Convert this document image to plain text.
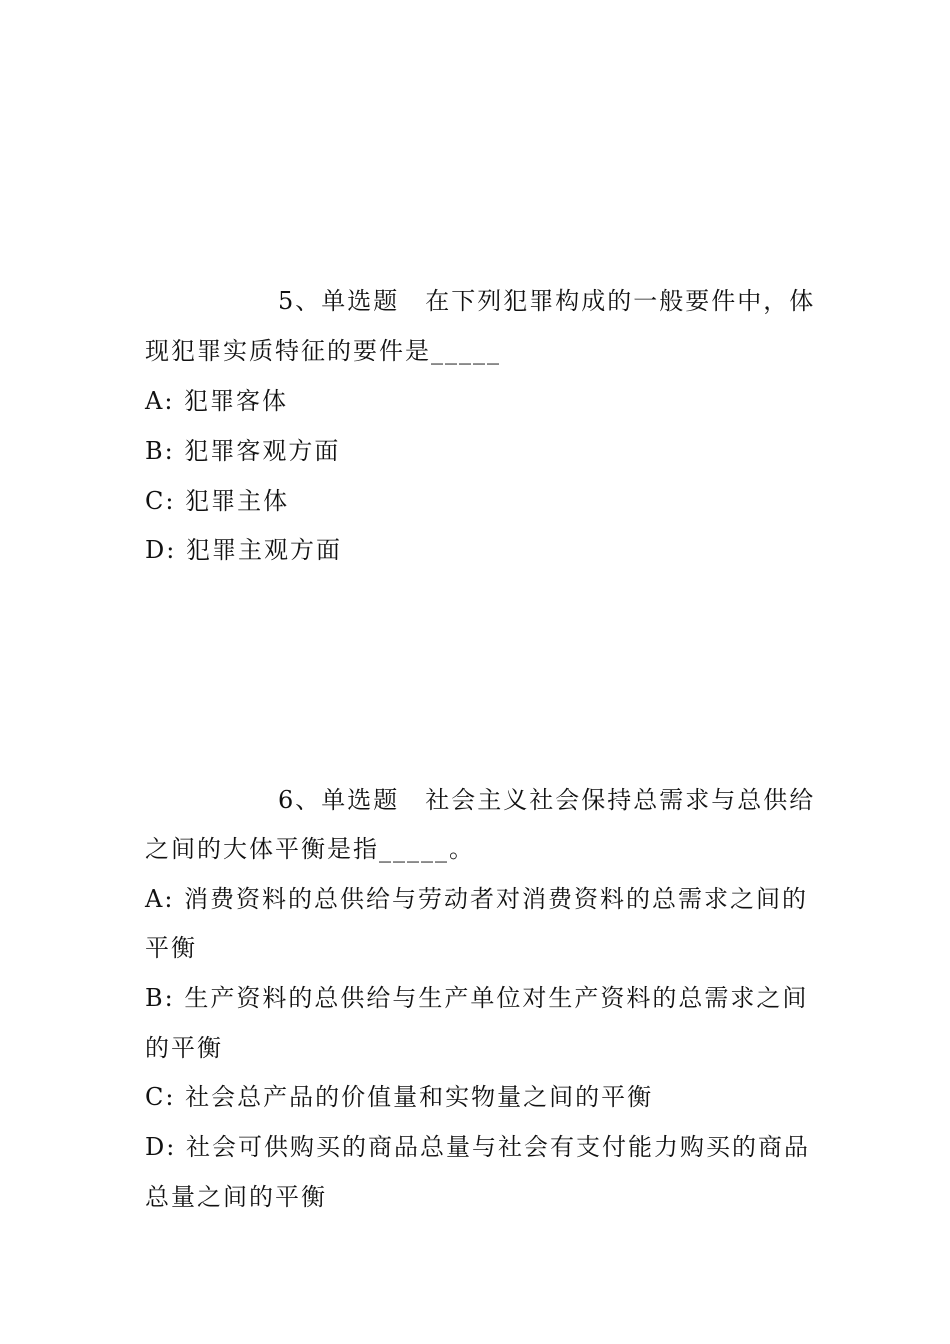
5、单选题　在下列犯罪构成的一般要件中，体
现犯罪实质特征的要件是_____
A: 犯罪客体
B: 犯罪客观方面
C: 犯罪主体
D: 犯罪主观方面
6、单选题　社会主义社会保持总需求与总供给
之间的大体平衡是指_____。
A: 消费资料的总供给与劳动者对消费资料的总需求之间的
平衡
B: 生产资料的总供给与生产单位对生产资料的总需求之间
的平衡
C: 社会总产品的价值量和实物量之间的平衡
D: 社会可供购买的商品总量与社会有支付能力购买的商品
总量之间的平衡
